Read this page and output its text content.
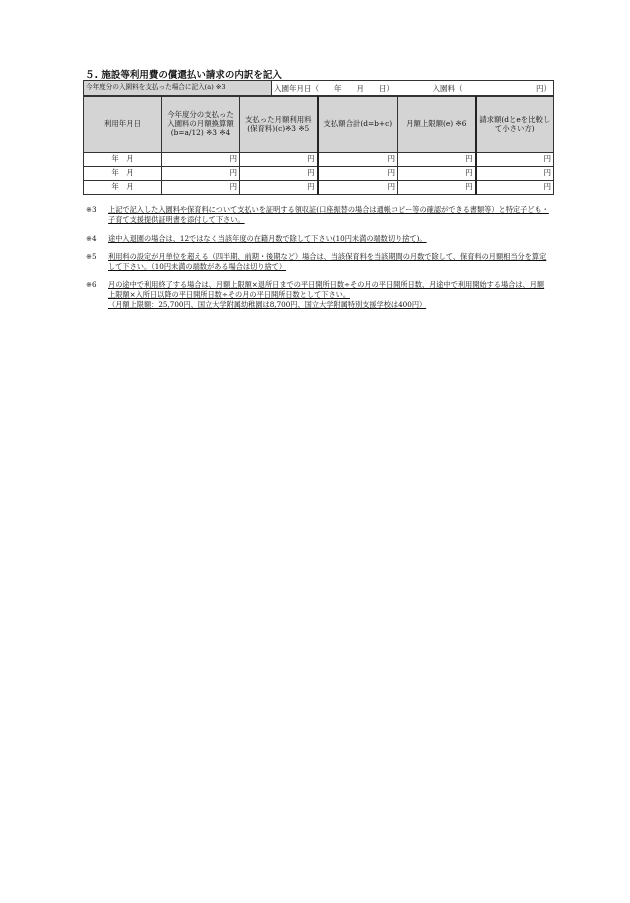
５. 施設等利用費の償還払い請求の内訳を記入
今年度分の入園料を支払った場合に記入(a) ※3	入園年月日（　　年　　月　　日）	入園料（	円）
利用年月日	今年度分の支払った入園料の月額換算額(b=a/12) ※3 ※4	支払った月額利用料(保育料)(c)※3 ※5	支払額合計(d=b+c)	月額上限額(e) ※6	請求額(dとeを比較して小さい方)
年　月	円	円	円	円	円
年　月	円	円	円	円	円
年　月	円	円	円	円	円

※3 上記で記入した入園料や保育料について支払いを証明する領収証(口座振替の場合は通帳コピー等の確認ができる書類等）と特定子ども・子育て支援提供証明書を添付して下さい。

※4 途中入退園の場合は、12ではなく当該年度の在籍月数で除して下さい(10円未満の端数切り捨て)。

※5 利用料の設定が月単位を超える（四半期、前期・後期など）場合は、当該保育料を当該期間の月数で除して、保育料の月額相当分を算定して下さい。（10円未満の端数がある場合は切り捨て）

※6 月の途中で利用終了する場合は、月額上限額×退所日までの平日開所日数÷その月の平日開所日数、月途中で利用開始する場合は、月額上限額×入所日以降の平日開所日数÷その月の平日開所日数として下さい。
（月額上限額：25,700円、国立大学附属幼稚園は8,700円、国立大学附属特別支援学校は400円）
